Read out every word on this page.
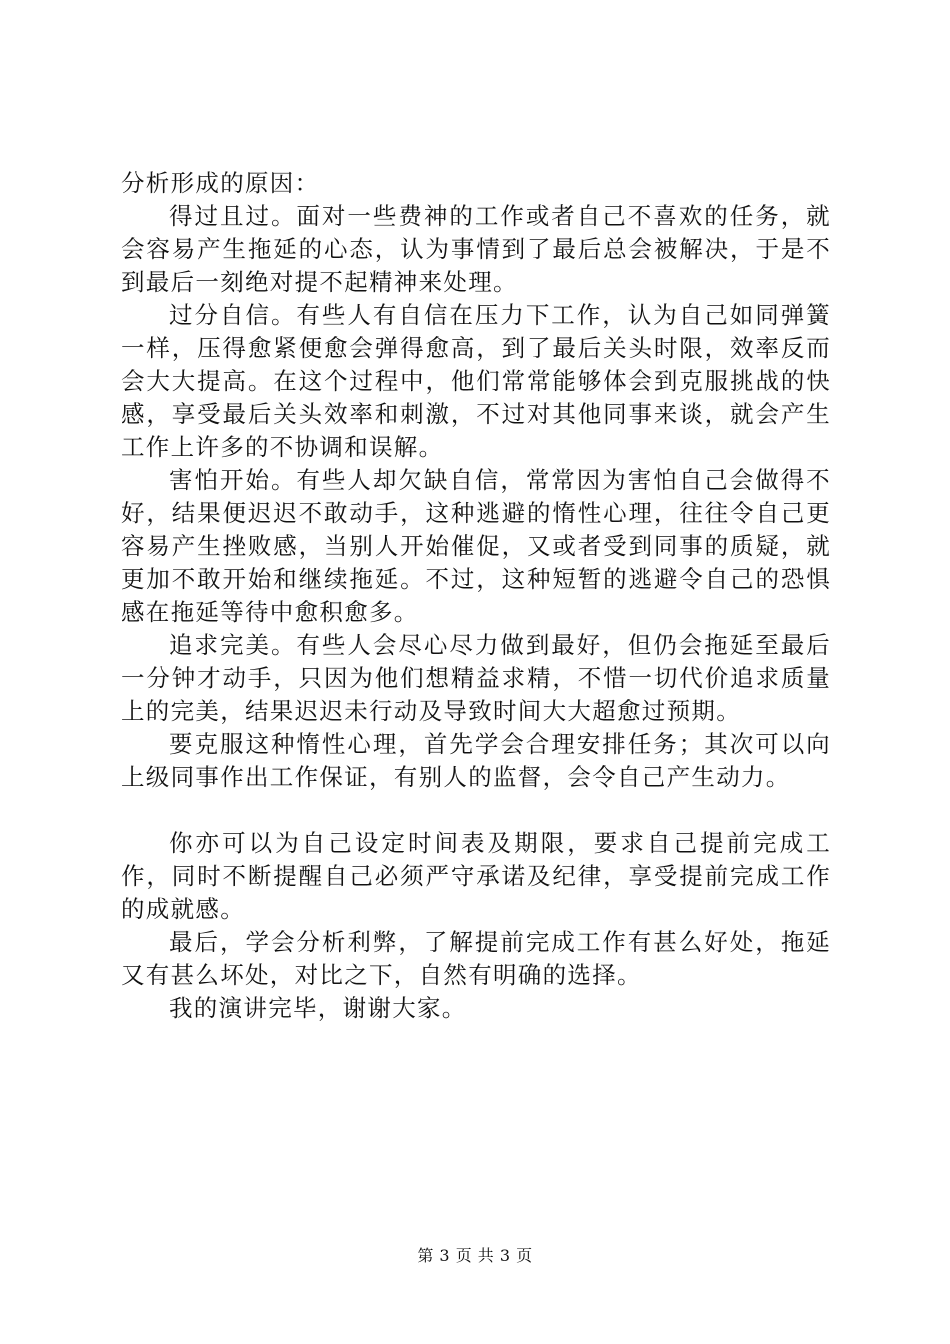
分析形成的原因：

得过且过。面对一些费神的工作或者自己不喜欢的任务，就会容易产生拖延的心态，认为事情到了最后总会被解决，于是不到最后一刻绝对提不起精神来处理。

过分自信。有些人有自信在压力下工作，认为自己如同弹簧一样，压得愈紧便愈会弹得愈高，到了最后关头时限，效率反而会大大提高。在这个过程中，他们常常能够体会到克服挑战的快感，享受最后关头效率和刺激，不过对其他同事来谈，就会产生工作上许多的不协调和误解。

害怕开始。有些人却欠缺自信，常常因为害怕自己会做得不好，结果便迟迟不敢动手，这种逃避的惰性心理，往往令自己更容易产生挫败感，当别人开始催促，又或者受到同事的质疑，就更加不敢开始和继续拖延。不过，这种短暂的逃避令自己的恐惧感在拖延等待中愈积愈多。

追求完美。有些人会尽心尽力做到最好，但仍会拖延至最后一分钟才动手，只因为他们想精益求精，不惜一切代价追求质量上的完美，结果迟迟未行动及导致时间大大超愈过预期。

要克服这种惰性心理，首先学会合理安排任务；其次可以向上级同事作出工作保证，有别人的监督，会令自己产生动力。

你亦可以为自己设定时间表及期限，要求自己提前完成工作，同时不断提醒自己必须严守承诺及纪律，享受提前完成工作的成就感。

最后，学会分析利弊，了解提前完成工作有甚么好处，拖延又有甚么坏处，对比之下，自然有明确的选择。

我的演讲完毕，谢谢大家。

第 3 页 共 3 页
